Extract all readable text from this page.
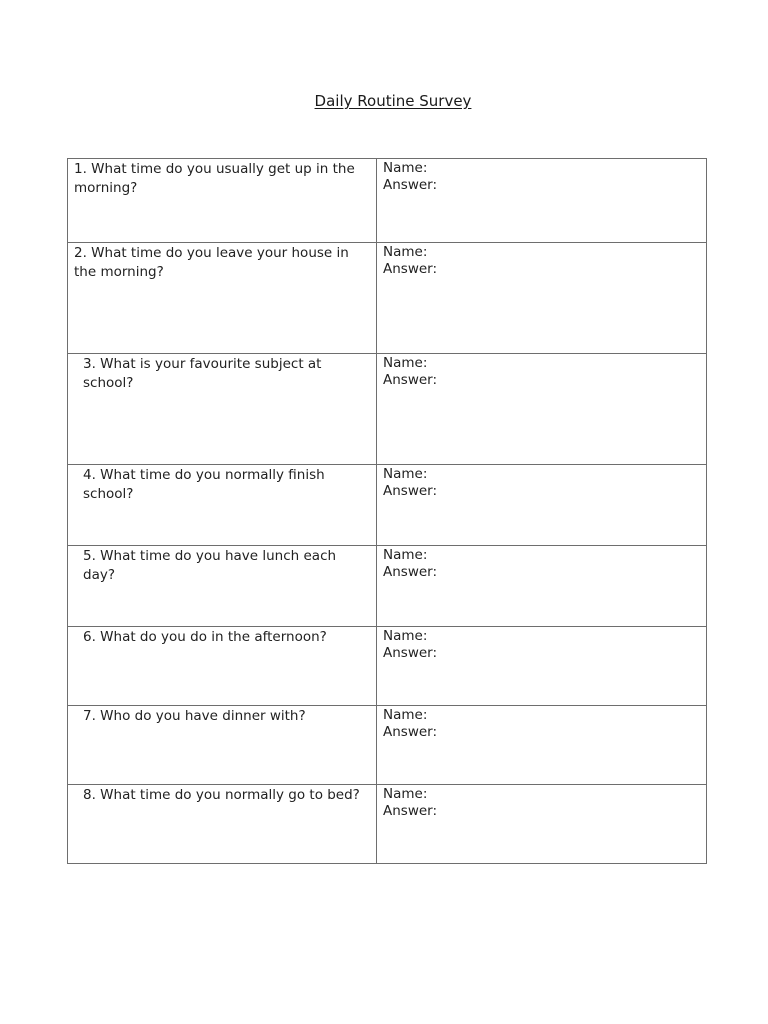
Daily Routine Survey
1. What time do you usually get up in the morning?	Name:
Answer:

2. What time do you leave your house in the morning?	Name:
Answer:

3. What is your favourite subject at school?	Name:
Answer:

4. What time do you normally finish school?	Name:
Answer:

5. What time do you have lunch each day?	Name:
Answer:

6. What do you do in the afternoon?	Name:
Answer:

7. Who do you have dinner with?	Name:
Answer:

8. What time do you normally go to bed?	Name:
Answer:
